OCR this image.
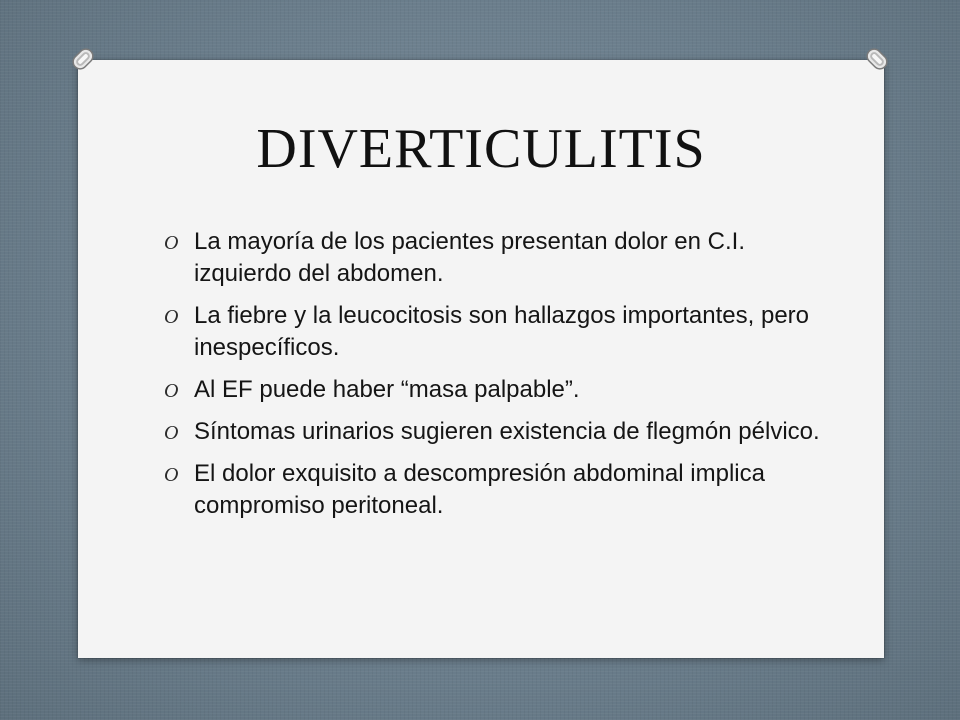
DIVERTICULITIS
O La mayoría de los pacientes presentan dolor en C.I. izquierdo del abdomen.
O La fiebre y la leucocitosis son hallazgos importantes, pero inespecíficos.
O Al EF puede haber “masa palpable”.
O Síntomas urinarios sugieren existencia de flegmón pélvico.
O El dolor exquisito a descompresión abdominal implica compromiso peritoneal.
